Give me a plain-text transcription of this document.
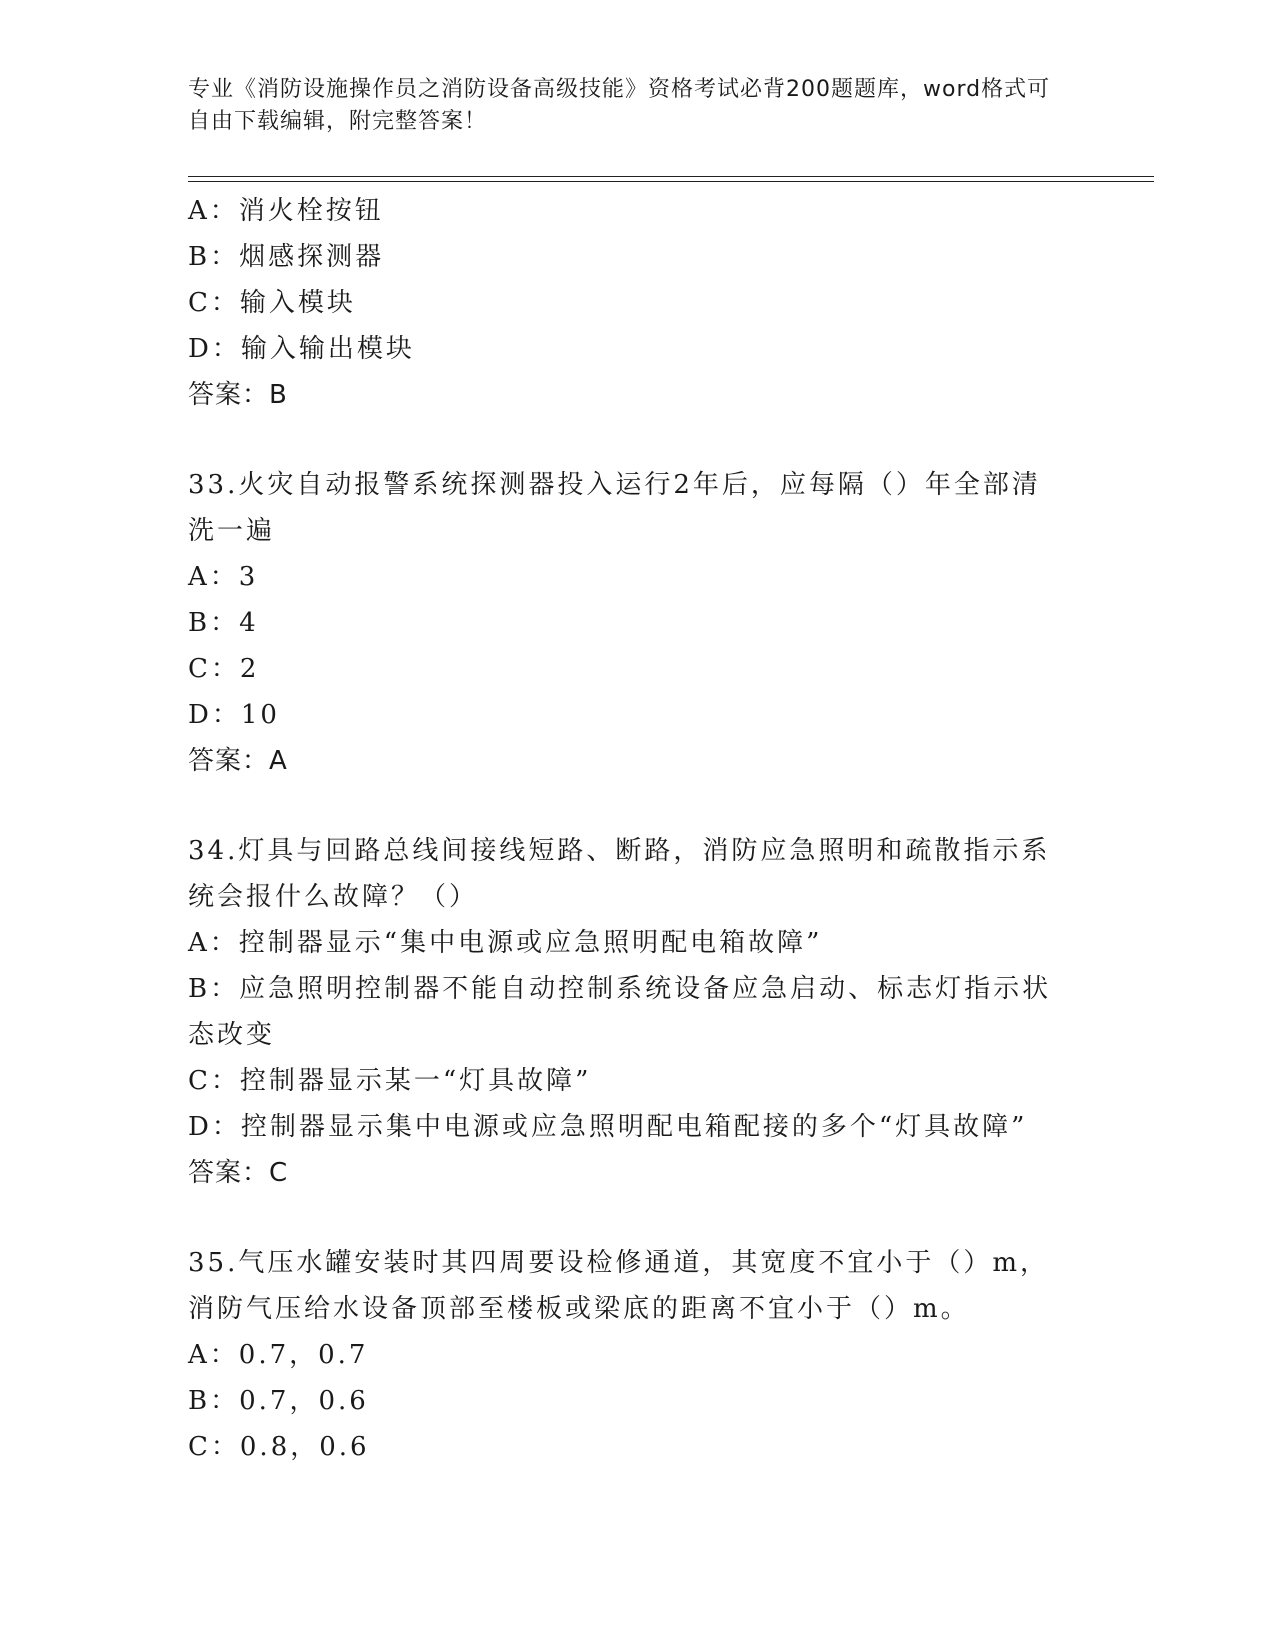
专业《消防设施操作员之消防设备高级技能》资格考试必背200题题库，word格式可自由下载编辑，附完整答案！
A：消火栓按钮
B：烟感探测器
C：输入模块
D：输入输出模块
答案：B
33.火灾自动报警系统探测器投入运行2年后，应每隔（）年全部清洗一遍
A：3
B：4
C：2
D：10
答案：A
34.灯具与回路总线间接线短路、断路，消防应急照明和疏散指示系统会报什么故障？（）
A：控制器显示“集中电源或应急照明配电箱故障”
B：应急照明控制器不能自动控制系统设备应急启动、标志灯指示状态改变
C：控制器显示某一“灯具故障”
D：控制器显示集中电源或应急照明配电箱配接的多个“灯具故障”
答案：C
35.气压水罐安装时其四周要设检修通道，其宽度不宜小于（）m，消防气压给水设备顶部至楼板或梁底的距离不宜小于（）m。
A：0.7，0.7
B：0.7，0.6
C：0.8，0.6
